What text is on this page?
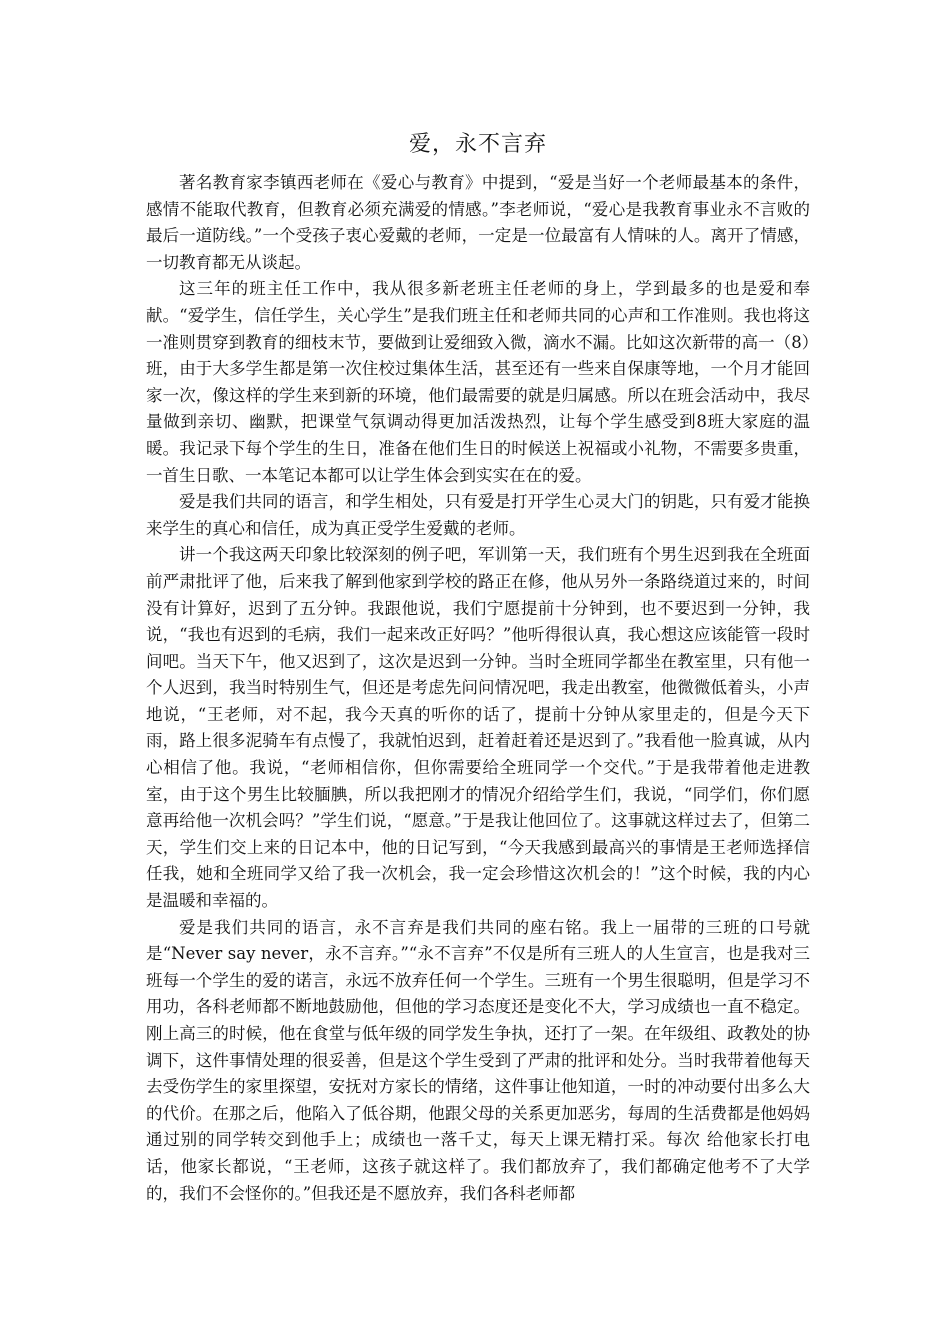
爱，永不言弃

著名教育家李镇西老师在《爱心与教育》中提到，“爱是当好一个老师最基本的条件，感情不能取代教育，但教育必须充满爱的情感。”李老师说，“爱心是我教育事业永不言败的最后一道防线。”一个受孩子衷心爱戴的老师，一定是一位最富有人情味的人。离开了情感，一切教育都无从谈起。

这三年的班主任工作中，我从很多新老班主任老师的身上，学到最多的也是爱和奉献。“爱学生，信任学生，关心学生”是我们班主任和老师共同的心声和工作准则。我也将这一准则贯穿到教育的细枝末节，要做到让爱细致入微，滴水不漏。比如这次新带的高一（8）班，由于大多学生都是第一次住校过集体生活，甚至还有一些来自保康等地，一个月才能回家一次，像这样的学生来到新的环境，他们最需要的就是归属感。所以在班会活动中，我尽量做到亲切、幽默，把课堂气氛调动得更加活泼热烈，让每个学生感受到8班大家庭的温暖。我记录下每个学生的生日，准备在他们生日的时候送上祝福或小礼物，不需要多贵重，一首生日歌、一本笔记本都可以让学生体会到实实在在的爱。

爱是我们共同的语言，和学生相处，只有爱是打开学生心灵大门的钥匙，只有爱才能换来学生的真心和信任，成为真正受学生爱戴的老师。

讲一个我这两天印象比较深刻的例子吧，军训第一天，我们班有个男生迟到我在全班面前严肃批评了他，后来我了解到他家到学校的路正在修，他从另外一条路绕道过来的，时间没有计算好，迟到了五分钟。我跟他说，我们宁愿提前十分钟到，也不要迟到一分钟，我说，“我也有迟到的毛病，我们一起来改正好吗？”他听得很认真，我心想这应该能管一段时间吧。当天下午，他又迟到了，这次是迟到一分钟。当时全班同学都坐在教室里，只有他一个人迟到，我当时特别生气，但还是考虑先问问情况吧，我走出教室，他微微低着头，小声地说，“王老师，对不起，我今天真的听你的话了，提前十分钟从家里走的，但是今天下雨，路上很多泥骑车有点慢了，我就怕迟到，赶着赶着还是迟到了。”我看他一脸真诚，从内心相信了他。我说，“老师相信你，但你需要给全班同学一个交代。”于是我带着他走进教室，由于这个男生比较腼腆，所以我把刚才的情况介绍给学生们，我说，“同学们，你们愿意再给他一次机会吗？”学生们说，“愿意。”于是我让他回位了。这事就这样过去了，但第二天，学生们交上来的日记本中，他的日记写到，“今天我感到最高兴的事情是王老师选择信任我，她和全班同学又给了我一次机会，我一定会珍惜这次机会的！”这个时候，我的内心是温暖和幸福的。

爱是我们共同的语言，永不言弃是我们共同的座右铭。我上一届带的三班的口号就是“Never say never，永不言弃。”“永不言弃”不仅是所有三班人的人生宣言，也是我对三班每一个学生的爱的诺言，永远不放弃任何一个学生。三班有一个男生很聪明，但是学习不用功，各科老师都不断地鼓励他，但他的学习态度还是变化不大，学习成绩也一直不稳定。刚上高三的时候，他在食堂与低年级的同学发生争执，还打了一架。在年级组、政教处的协调下，这件事情处理的很妥善，但是这个学生受到了严肃的批评和处分。当时我带着他每天去受伤学生的家里探望，安抚对方家长的情绪，这件事让他知道，一时的冲动要付出多么大的代价。在那之后，他陷入了低谷期，他跟父母的关系更加恶劣，每周的生活费都是他妈妈通过别的同学转交到他手上；成绩也一落千丈，每天上课无精打采。每次 给他家长打电话，他家长都说，“王老师，这孩子就这样了。我们都放弃了，我们都确定他考不了大学的，我们不会怪你的。”但我还是不愿放弃，我们各科老师都
